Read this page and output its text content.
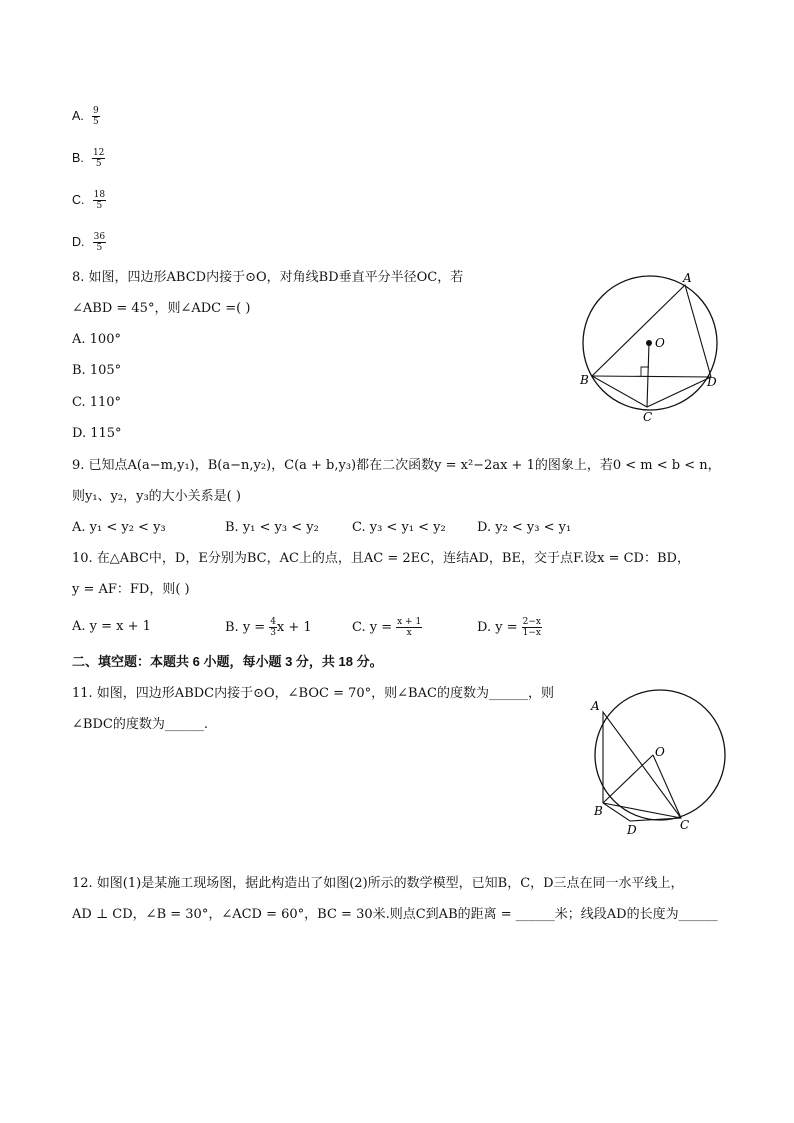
A. $\frac{9}{5}$
B. $\frac{12}{5}$
C. $\frac{18}{5}$
D. $\frac{36}{5}$
8. 如图，四边形ABCD内接于⊙O，对角线BD垂直平分半径OC，若
∠ABD = 45°，则∠ADC =( )
A. 100°
B. 105°
C. 110°
D. 115°
A
O
B	D
C
9. 已知点A(a−m,y₁)，B(a−n,y₂)，C(a + b,y₃)都在二次函数y = x²−2ax + 1的图象上，若0 < m < b < n，
则y₁、y₂，y₃的大小关系是( )
A. y₁ < y₂ < y₃	B. y₁ < y₃ < y₂	C. y₃ < y₁ < y₂ D. y₂ < y₃ < y₁
10. 在△ABC中，D，E分别为BC，AC上的点，且AC = 2EC，连结AD，BE，交于点F.设x = CD：BD，
y = AF：FD，则( )
A. y = x + 1	B. $y = \frac{4}{3}$ x + 1	C. $y = \frac{x + 1}{x}$	D. $y = \frac{2-x}{1-x}$
二、填空题：本题共 6 小题，每小题 3 分，共 18 分。
11. 如图，四边形ABDC内接于⊙O，∠BOC = 70°，则∠BAC的度数为______，则
∠BDC的度数为______.
A
O
B
D	C
12. 如图(1)是某施工现场图，据此构造出了如图(2)所示的数学模型，已知B，C，D三点在同一水平线上，
AD ⊥ CD，∠B = 30°，∠ACD = 60°，BC = 30米.则点C到AB的距离 = ______米；线段AD的长度为______
